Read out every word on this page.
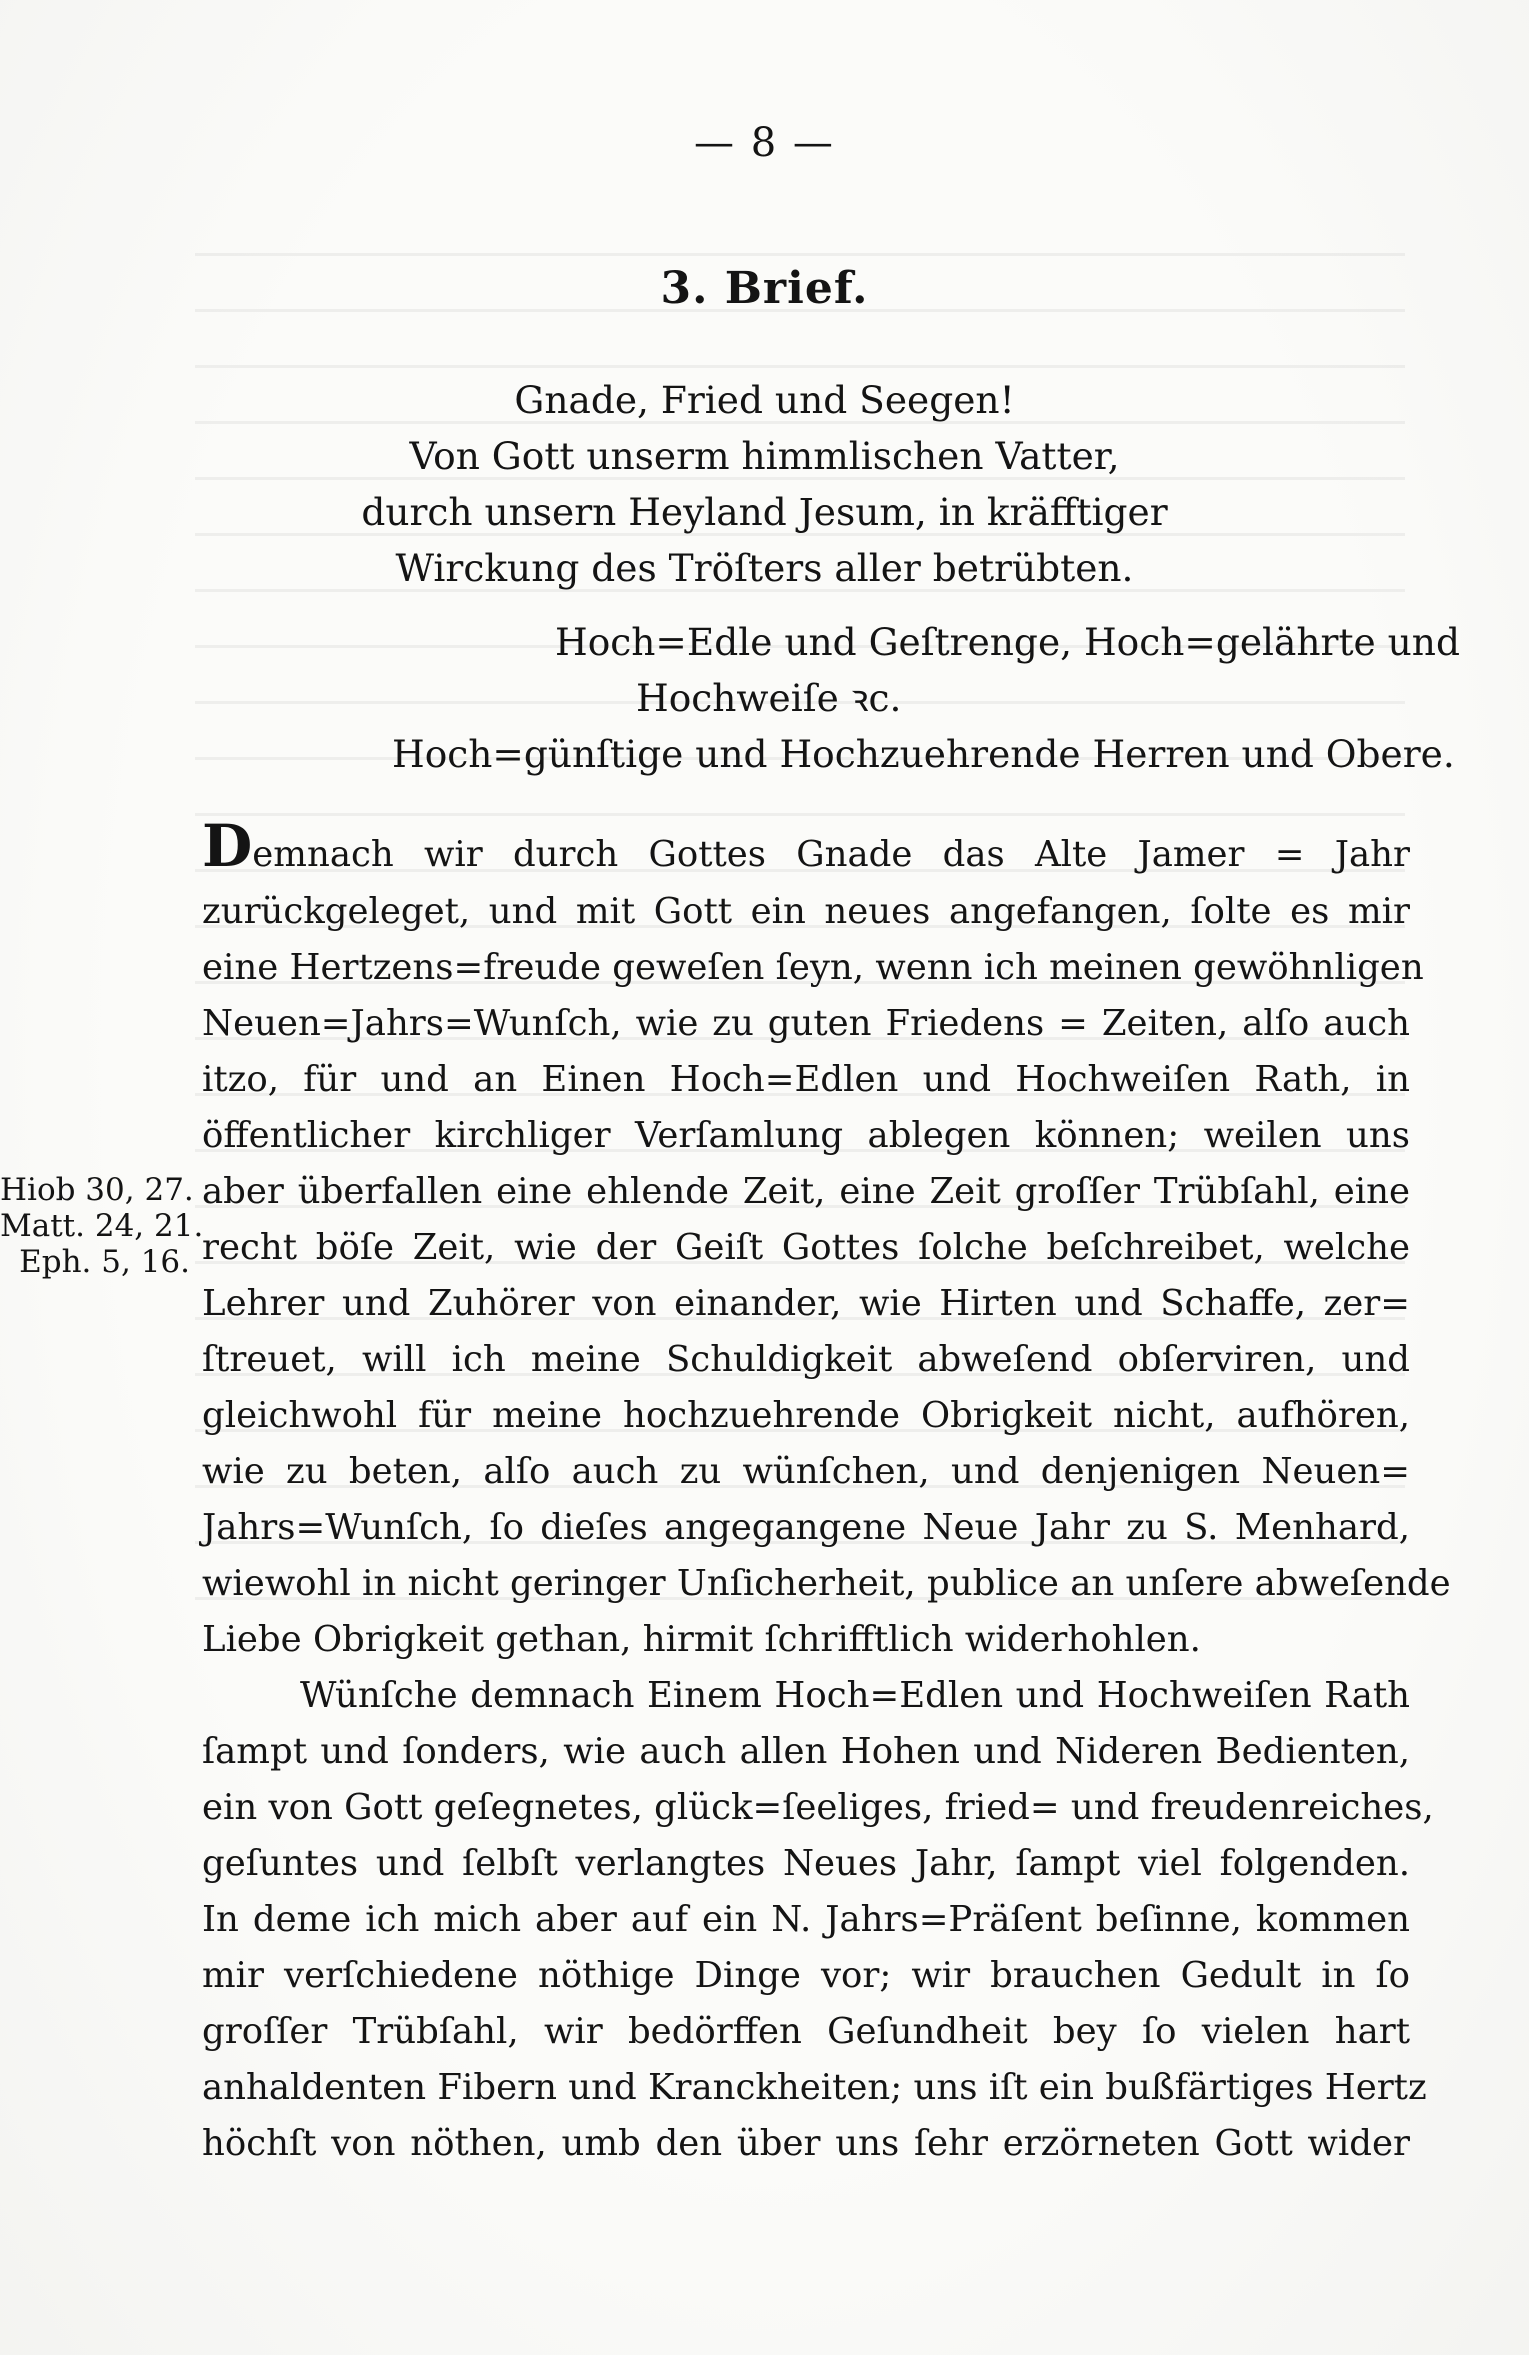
— 8 —
3. Brief.
Gnade, Fried und Seegen!
Von Gott unserm himmlischen Vatter,
durch unsern Heyland Jesum, in kräfftiger
Wirckung des Tröſters aller betrübten.
Hoch=Edle und Geſtrenge, Hoch=gelährte und
Hochweiſe ꝛc.
Hoch=günſtige und Hochzuehrende Herren und Obere.
Demnach wir durch Gottes Gnade das Alte Jamer = Jahr
zurückgeleget, und mit Gott ein neues angefangen, ſolte es mir
eine Hertzens=freude geweſen ſeyn, wenn ich meinen gewöhnligen
Neuen=Jahrs=Wunſch, wie zu guten Friedens = Zeiten, alſo auch
itzo, für und an Einen Hoch=Edlen und Hochweiſen Rath, in
öffentlicher kirchliger Verſamlung ablegen können; weilen uns
aber überfallen eine ehlende Zeit, eine Zeit groſſer Trübſahl, eine
recht böſe Zeit, wie der Geiſt Gottes ſolche beſchreibet, welche
Lehrer und Zuhörer von einander, wie Hirten und Schaffe, zer=
ſtreuet, will ich meine Schuldigkeit abweſend obſerviren, und
gleichwohl für meine hochzuehrende Obrigkeit nicht, aufhören,
wie zu beten, alſo auch zu wünſchen, und denjenigen Neuen=
Jahrs=Wunſch, ſo dieſes angegangene Neue Jahr zu S. Menhard,
wiewohl in nicht geringer Unſicherheit, publice an unſere abweſende
Liebe Obrigkeit gethan, hirmit ſchrifftlich widerhohlen.
Hiob 30, 27.
Matt. 24, 21.
Eph. 5, 16.
Wünſche demnach Einem Hoch=Edlen und Hochweiſen Rath
ſampt und ſonders, wie auch allen Hohen und Nideren Bedienten,
ein von Gott geſegnetes, glück=ſeeliges, fried= und freudenreiches,
geſuntes und ſelbſt verlangtes Neues Jahr, ſampt viel folgenden.
In deme ich mich aber auf ein N. Jahrs=Präſent beſinne, kommen
mir verſchiedene nöthige Dinge vor; wir brauchen Gedult in ſo
groſſer Trübſahl, wir bedörffen Geſundheit bey ſo vielen hart
anhaldenten Fibern und Kranckheiten; uns iſt ein bußfärtiges Hertz
höchſt von nöthen, umb den über uns ſehr erzörneten Gott wider
